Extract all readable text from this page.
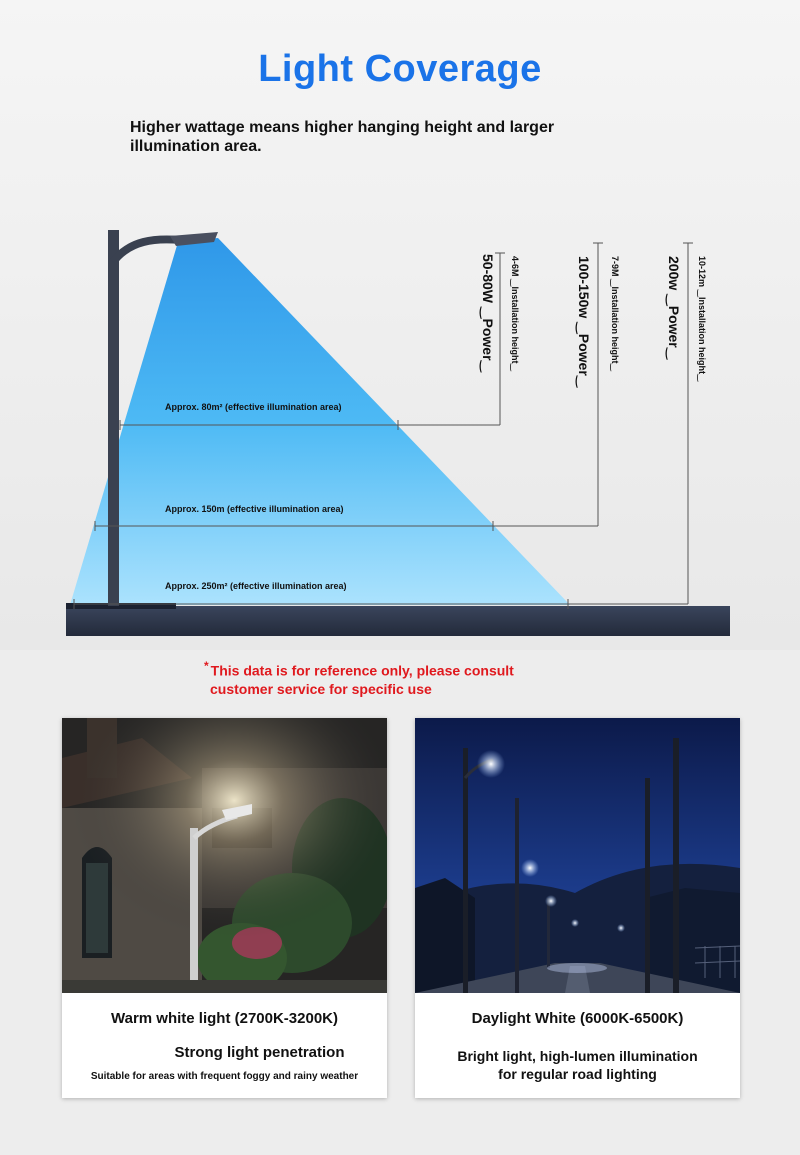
Light Coverage
Higher wattage means higher hanging height and larger illumination area.
50-80W ‿Power‿ 4-6M ‿Installation height‿
Approx. 80m² (effective illumination area)
100-150w ‿Power‿ 7-9M ‿Installation height‿
Approx. 150m (effective illumination area)
200w ‿Power‿ 10-12m ‿Installation height‿
Approx. 250m² (effective illumination area)
* This data is for reference only, please consult
customer service for specific use
Warm white light (2700K-3200K)
Strong light penetration
Suitable for areas with frequent foggy and rainy weather
Daylight White (6000K-6500K)
Bright light, high-lumen illumination
for regular road lighting
